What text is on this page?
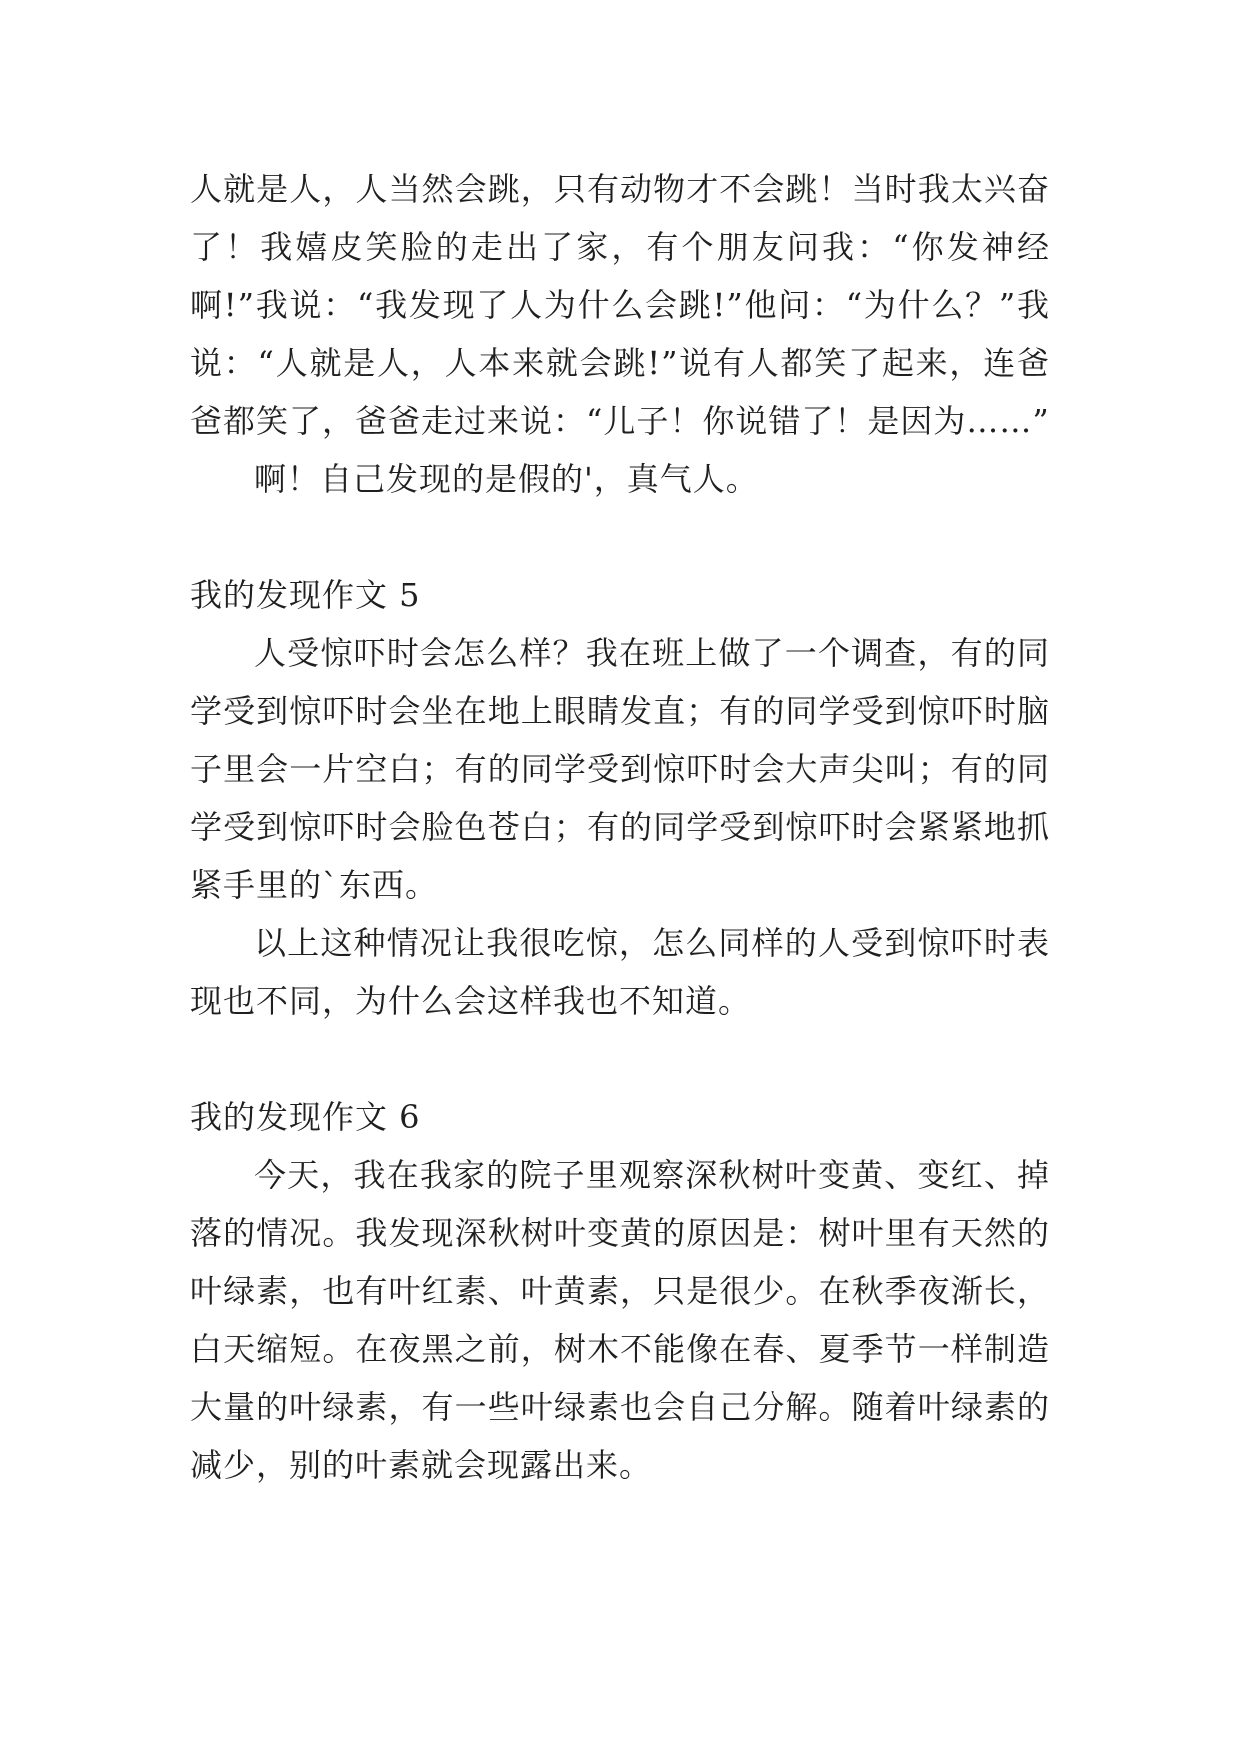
人就是人，人当然会跳，只有动物才不会跳！当时我太兴奋了！我嬉皮笑脸的走出了家，有个朋友问我：“你发神经啊!”我说：“我发现了人为什么会跳!”他问：“为什么？”我说：“人就是人，人本来就会跳!”说有人都笑了起来，连爸爸都笑了，爸爸走过来说：“儿子！你说错了！是因为……”

啊！自己发现的是假的'，真气人。

我的发现作文 5

人受惊吓时会怎么样？我在班上做了一个调查，有的同学受到惊吓时会坐在地上眼睛发直；有的同学受到惊吓时脑子里会一片空白；有的同学受到惊吓时会大声尖叫；有的同学受到惊吓时会脸色苍白；有的同学受到惊吓时会紧紧地抓紧手里的`东西。

以上这种情况让我很吃惊，怎么同样的人受到惊吓时表现也不同，为什么会这样我也不知道。

我的发现作文 6

今天，我在我家的院子里观察深秋树叶变黄、变红、掉落的情况。我发现深秋树叶变黄的原因是：树叶里有天然的叶绿素，也有叶红素、叶黄素，只是很少。在秋季夜渐长，白天缩短。在夜黑之前，树木不能像在春、夏季节一样制造大量的叶绿素，有一些叶绿素也会自己分解。随着叶绿素的减少，别的叶素就会现露出来。
